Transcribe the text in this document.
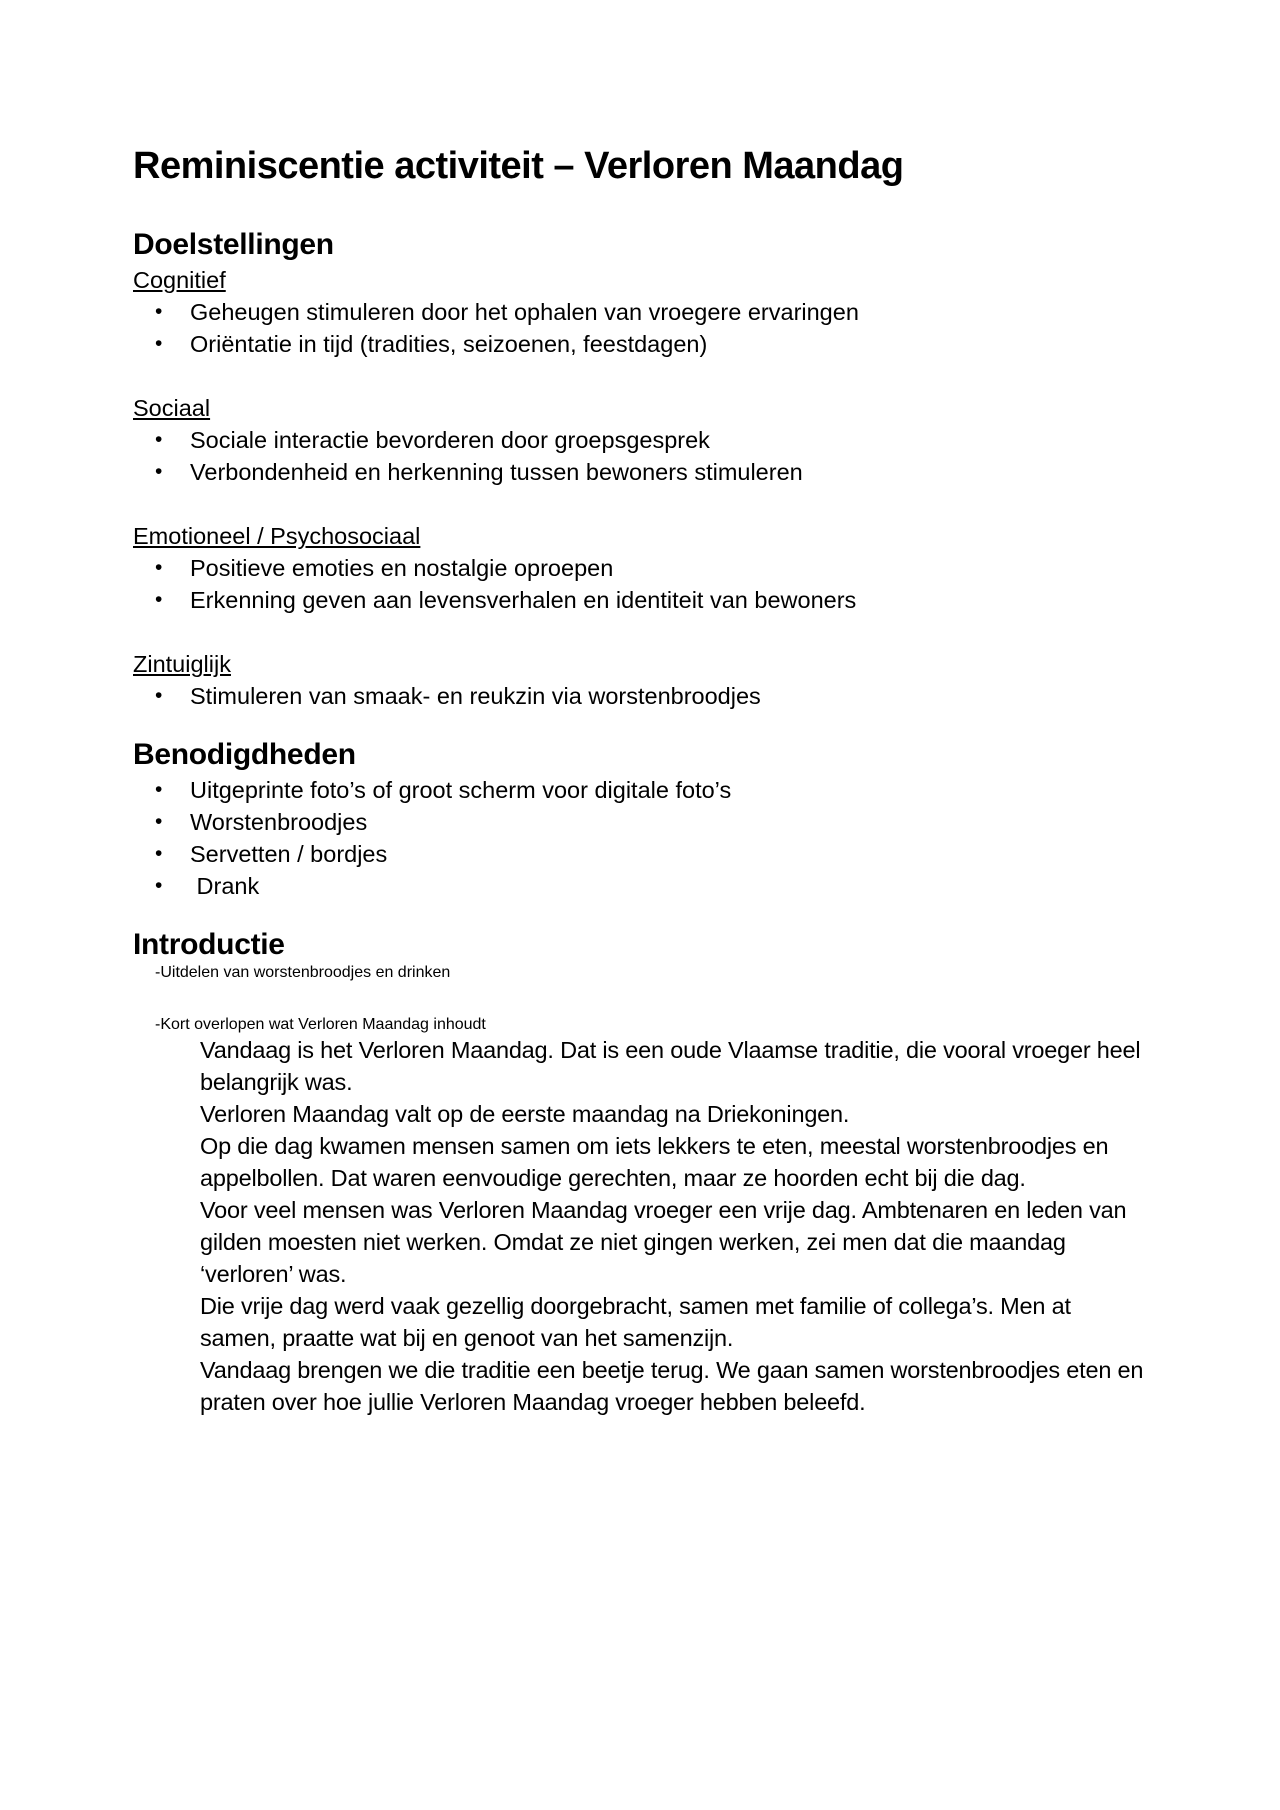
Reminiscentie activiteit – Verloren Maandag
Doelstellingen
Cognitief
•	Geheugen stimuleren door het ophalen van vroegere ervaringen
•	Oriëntatie in tijd (tradities, seizoenen, feestdagen)
Sociaal
•	Sociale interactie bevorderen door groepsgesprek
•	Verbondenheid en herkenning tussen bewoners stimuleren
Emotioneel / Psychosociaal
•	Positieve emoties en nostalgie oproepen
•	Erkenning geven aan levensverhalen en identiteit van bewoners
Zintuiglijk
•	Stimuleren van smaak- en reukzin via worstenbroodjes
Benodigdheden
•	Uitgeprinte foto’s of groot scherm voor digitale foto’s
•	Worstenbroodjes
•	Servetten / bordjes
•	Drank
Introductie
-Uitdelen van worstenbroodjes en drinken
-Kort overlopen wat Verloren Maandag inhoudt

Vandaag is het Verloren Maandag. Dat is een oude Vlaamse traditie, die vooral vroeger heel belangrijk was.

Verloren Maandag valt op de eerste maandag na Driekoningen.

Op die dag kwamen mensen samen om iets lekkers te eten, meestal worstenbroodjes en appelbollen. Dat waren eenvoudige gerechten, maar ze hoorden echt bij die dag.

Voor veel mensen was Verloren Maandag vroeger een vrije dag. Ambtenaren en leden van gilden moesten niet werken. Omdat ze niet gingen werken, zei men dat die maandag ‘verloren’ was.

Die vrije dag werd vaak gezellig doorgebracht, samen met familie of collega’s. Men at samen, praatte wat bij en genoot van het samenzijn.

Vandaag brengen we die traditie een beetje terug. We gaan samen worstenbroodjes eten en praten over hoe jullie Verloren Maandag vroeger hebben beleefd.
